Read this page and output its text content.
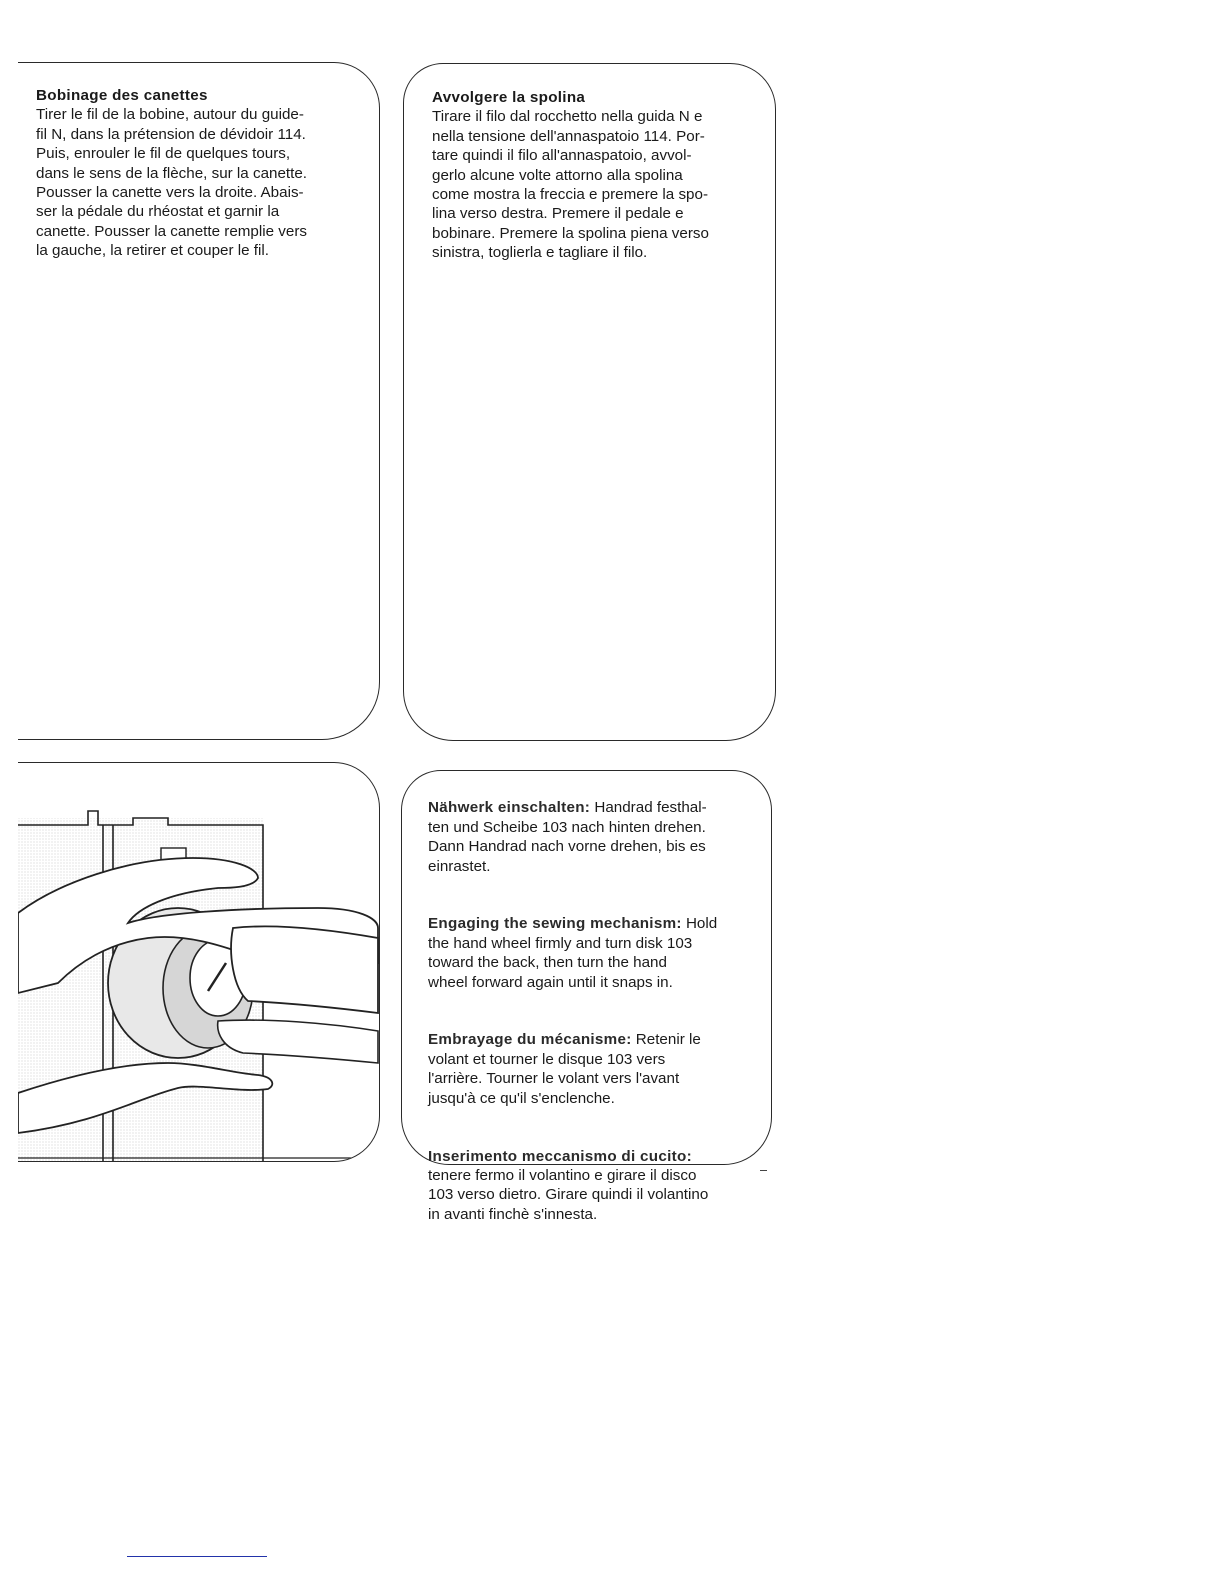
Bobinage des canettes
Tirer le fil de la bobine, autour du guide-
fil N, dans la prétension de dévidoir 114.
Puis, enrouler le fil de quelques tours,
dans le sens de la flèche, sur la canette.
Pousser la canette vers la droite. Abais-
ser la pédale du rhéostat et garnir la
canette. Pousser la canette remplie vers
la gauche, la retirer et couper le fil.
Avvolgere la spolina
Tirare il filo dal rocchetto nella guida N e
nella tensione dell'annaspatoio 114. Por-
tare quindi il filo all'annaspatoio, avvol-
gerlo alcune volte attorno alla spolina
come mostra la freccia e premere la spo-
lina verso destra. Premere il pedale e
bobinare. Premere la spolina piena verso
sinistra, toglierla e tagliare il filo.

Nähwerk einschalten: Handrad festhal-
ten und Scheibe 103 nach hinten drehen.
Dann Handrad nach vorne drehen, bis es
einrastet.

Engaging the sewing mechanism: Hold
the hand wheel firmly and turn disk 103
toward the back, then turn the hand
wheel forward again until it snaps in.

Embrayage du mécanisme: Retenir le
volant et tourner le disque 103 vers
l'arrière. Tourner le volant vers l'avant
jusqu'à ce qu'il s'enclenche.

Inserimento meccanismo di cucito:
tenere fermo il volantino e girare il disco
103 verso dietro. Girare quindi il volantino
in avanti finchè s'innesta.
